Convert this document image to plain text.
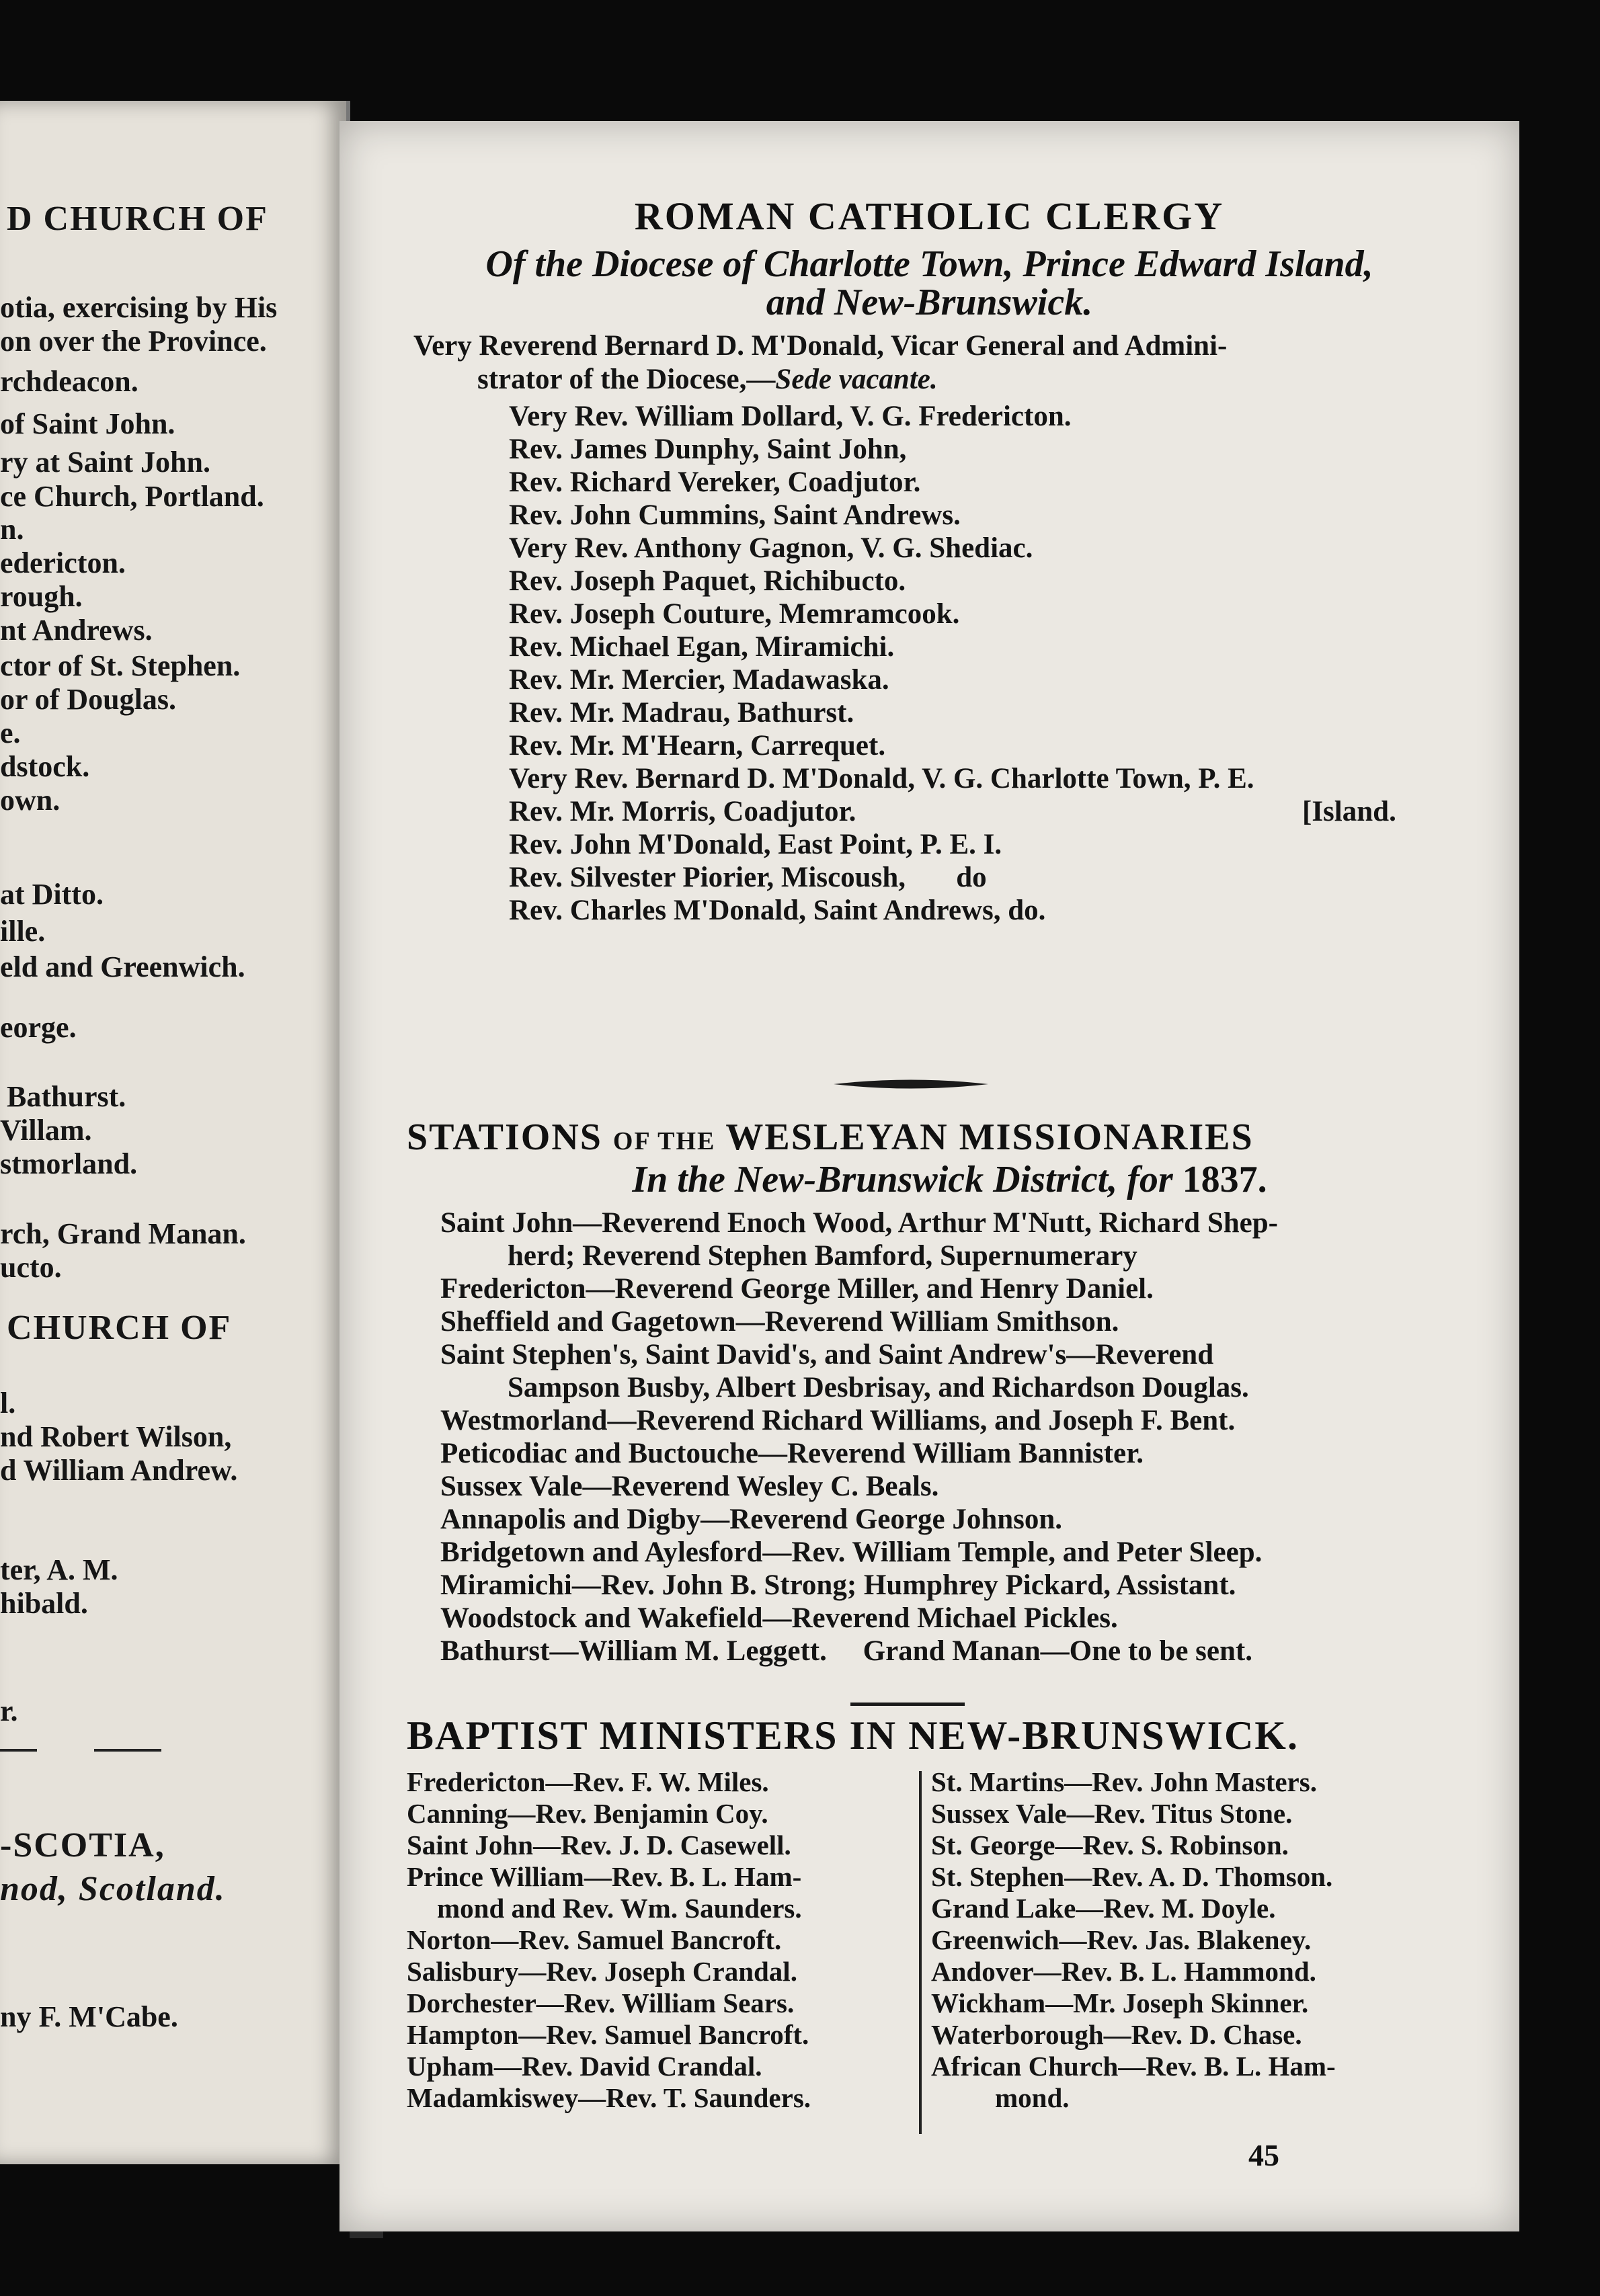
D CHURCH OF
otia, exercising by His
on over the Province.
rchdeacon.
of Saint John.
ry at Saint John.
ce Church, Portland.
n.
edericton.
rough.
nt Andrews.
ctor of St. Stephen.
or of Douglas.
e.
dstock.
own.
at Ditto.
ille.
eld and Greenwich.
eorge.
Bathurst.
Villam.
stmorland.
rch, Grand Manan.
ucto.
CHURCH OF
l.
nd Robert Wilson,
d William Andrew.
ter, A. M.
hibald.
r.
-SCOTIA,
nod, Scotland.
ny F. M'Cabe.
ROMAN CATHOLIC CLERGY
Of the Diocese of Charlotte Town, Prince Edward Island,
and New-Brunswick.
Very Reverend Bernard D. M'Donald, Vicar General and Admini-
strator of the Diocese,—Sede vacante.
Very Rev. William Dollard, V. G. Fredericton.
Rev. James Dunphy, Saint John,
Rev. Richard Vereker, Coadjutor.
Rev. John Cummins, Saint Andrews.
Very Rev. Anthony Gagnon, V. G. Shediac.
Rev. Joseph Paquet, Richibucto.
Rev. Joseph Couture, Memramcook.
Rev. Michael Egan, Miramichi.
Rev. Mr. Mercier, Madawaska.
Rev. Mr. Madrau, Bathurst.
Rev. Mr. M'Hearn, Carrequet.
Very Rev. Bernard D. M'Donald, V. G. Charlotte Town, P. E.
Rev. Mr. Morris, Coadjutor.	[Island.
Rev. John M'Donald, East Point, P. E. I.
Rev. Silvester Piorier, Miscoush,       do
Rev. Charles M'Donald, Saint Andrews, do.
STATIONS OF THE WESLEYAN MISSIONARIES
In the New-Brunswick District, for 1837.
Saint John—Reverend Enoch Wood, Arthur M'Nutt, Richard Shep-
herd; Reverend Stephen Bamford, Supernumerary
Fredericton—Reverend George Miller, and Henry Daniel.
Sheffield and Gagetown—Reverend William Smithson.
Saint Stephen's, Saint David's, and Saint Andrew's—Reverend
Sampson Busby, Albert Desbrisay, and Richardson Douglas.
Westmorland—Reverend Richard Williams, and Joseph F. Bent.
Peticodiac and Buctouche—Reverend William Bannister.
Sussex Vale—Reverend Wesley C. Beals.
Annapolis and Digby—Reverend George Johnson.
Bridgetown and Aylesford—Rev. William Temple, and Peter Sleep.
Miramichi—Rev. John B. Strong; Humphrey Pickard, Assistant.
Woodstock and Wakefield—Reverend Michael Pickles.
Bathurst—William M. Leggett.     Grand Manan—One to be sent.
BAPTIST MINISTERS IN NEW-BRUNSWICK.
Fredericton—Rev. F. W. Miles.
Canning—Rev. Benjamin Coy.
Saint John—Rev. J. D. Casewell.
Prince William—Rev. B. L. Ham-
mond and Rev. Wm. Saunders.
Norton—Rev. Samuel Bancroft.
Salisbury—Rev. Joseph Crandal.
Dorchester—Rev. William Sears.
Hampton—Rev. Samuel Bancroft.
Upham—Rev. David Crandal.
Madamkiswey—Rev. T. Saunders.
St. Martins—Rev. John Masters.
Sussex Vale—Rev. Titus Stone.
St. George—Rev. S. Robinson.
St. Stephen—Rev. A. D. Thomson.
Grand Lake—Rev. M. Doyle.
Greenwich—Rev. Jas. Blakeney.
Andover—Rev. B. L. Hammond.
Wickham—Mr. Joseph Skinner.
Waterborough—Rev. D. Chase.
African Church—Rev. B. L. Ham-
mond.
45
